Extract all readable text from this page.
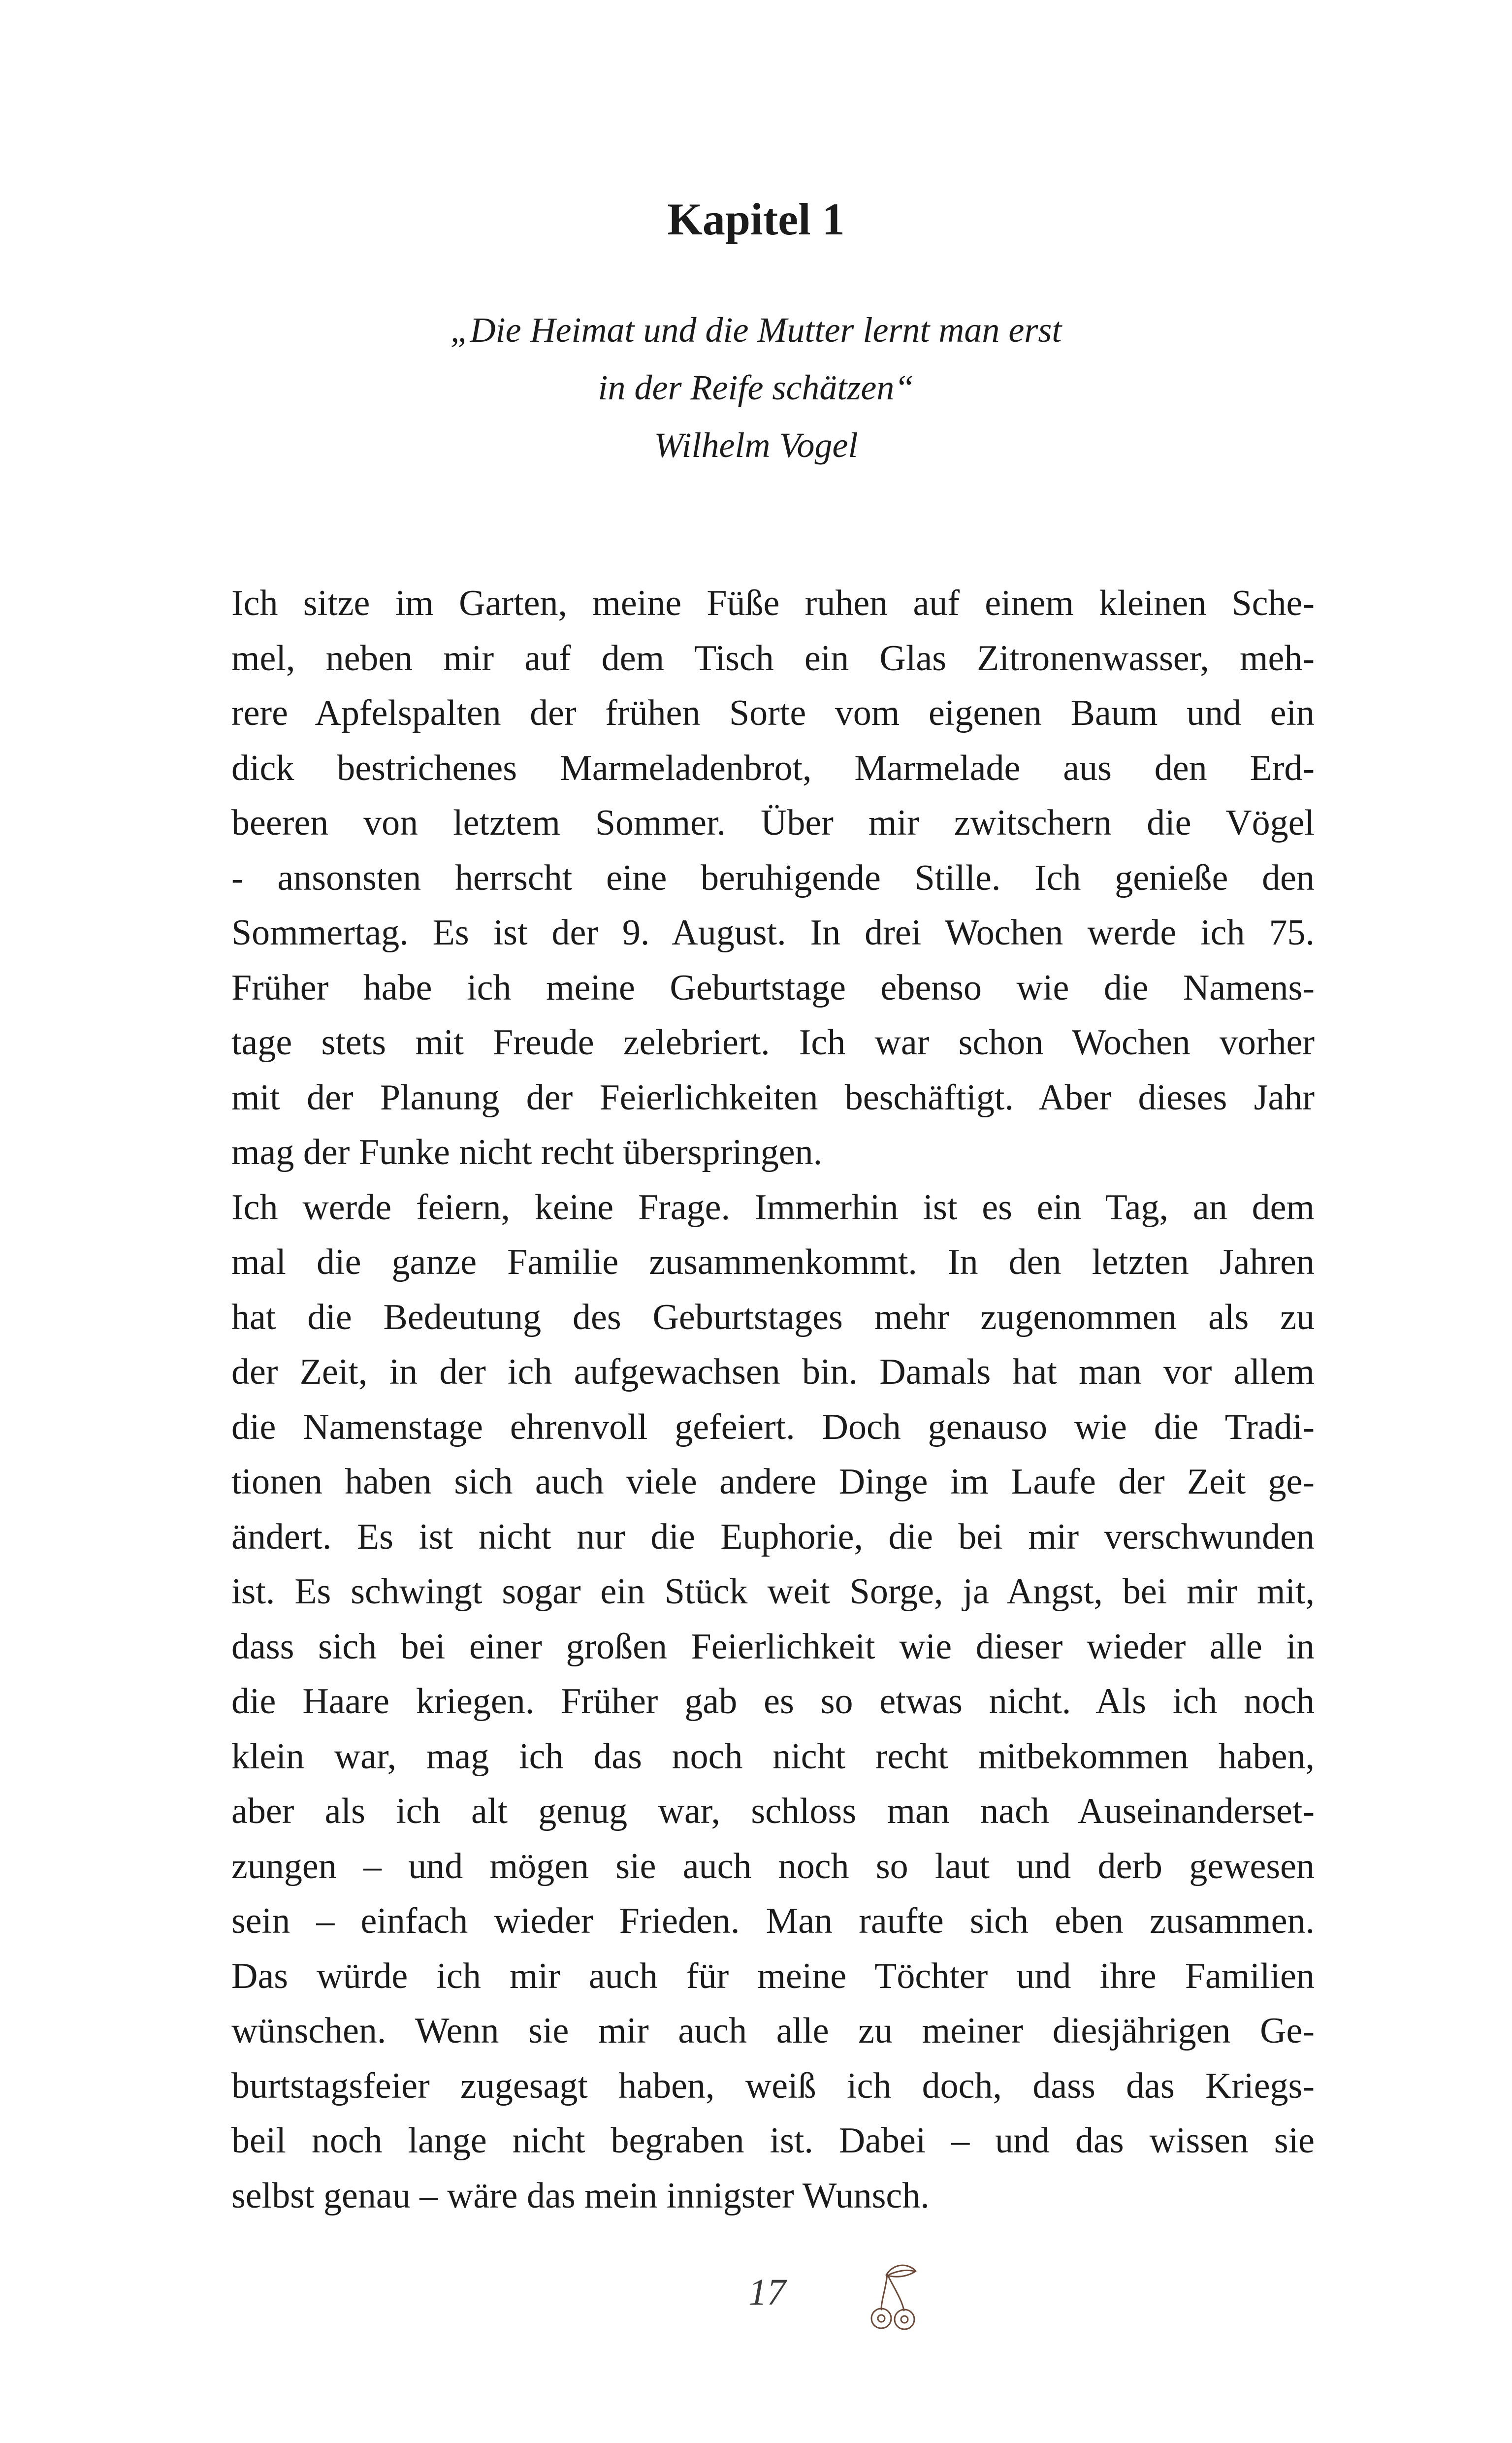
Kapitel 1
„Die Heimat und die Mutter lernt man erst
in der Reife schätzen“
Wilhelm Vogel
Ich sitze im Garten, meine Füße ruhen auf einem kleinen Sche-
mel, neben mir auf dem Tisch ein Glas Zitronenwasser, meh-
rere Apfelspalten der frühen Sorte vom eigenen Baum und ein
dick bestrichenes Marmeladenbrot, Marmelade aus den Erd-
beeren von letztem Sommer. Über mir zwitschern die Vögel
- ansonsten herrscht eine beruhigende Stille. Ich genieße den
Sommertag. Es ist der 9. August. In drei Wochen werde ich 75.
Früher habe ich meine Geburtstage ebenso wie die Namens-
tage stets mit Freude zelebriert. Ich war schon Wochen vorher
mit der Planung der Feierlichkeiten beschäftigt. Aber dieses Jahr
mag der Funke nicht recht überspringen.
Ich werde feiern, keine Frage. Immerhin ist es ein Tag, an dem
mal die ganze Familie zusammenkommt. In den letzten Jahren
hat die Bedeutung des Geburtstages mehr zugenommen als zu
der Zeit, in der ich aufgewachsen bin. Damals hat man vor allem
die Namenstage ehrenvoll gefeiert. Doch genauso wie die Tradi-
tionen haben sich auch viele andere Dinge im Laufe der Zeit ge-
ändert. Es ist nicht nur die Euphorie, die bei mir verschwunden
ist. Es schwingt sogar ein Stück weit Sorge, ja Angst, bei mir mit,
dass sich bei einer großen Feierlichkeit wie dieser wieder alle in
die Haare kriegen. Früher gab es so etwas nicht. Als ich noch
klein war, mag ich das noch nicht recht mitbekommen haben,
aber als ich alt genug war, schloss man nach Auseinanderset-
zungen – und mögen sie auch noch so laut und derb gewesen
sein – einfach wieder Frieden. Man raufte sich eben zusammen.
Das würde ich mir auch für meine Töchter und ihre Familien
wünschen. Wenn sie mir auch alle zu meiner diesjährigen Ge-
burtstagsfeier zugesagt haben, weiß ich doch, dass das Kriegs-
beil noch lange nicht begraben ist. Dabei – und das wissen sie
selbst genau – wäre das mein innigster Wunsch.
17
